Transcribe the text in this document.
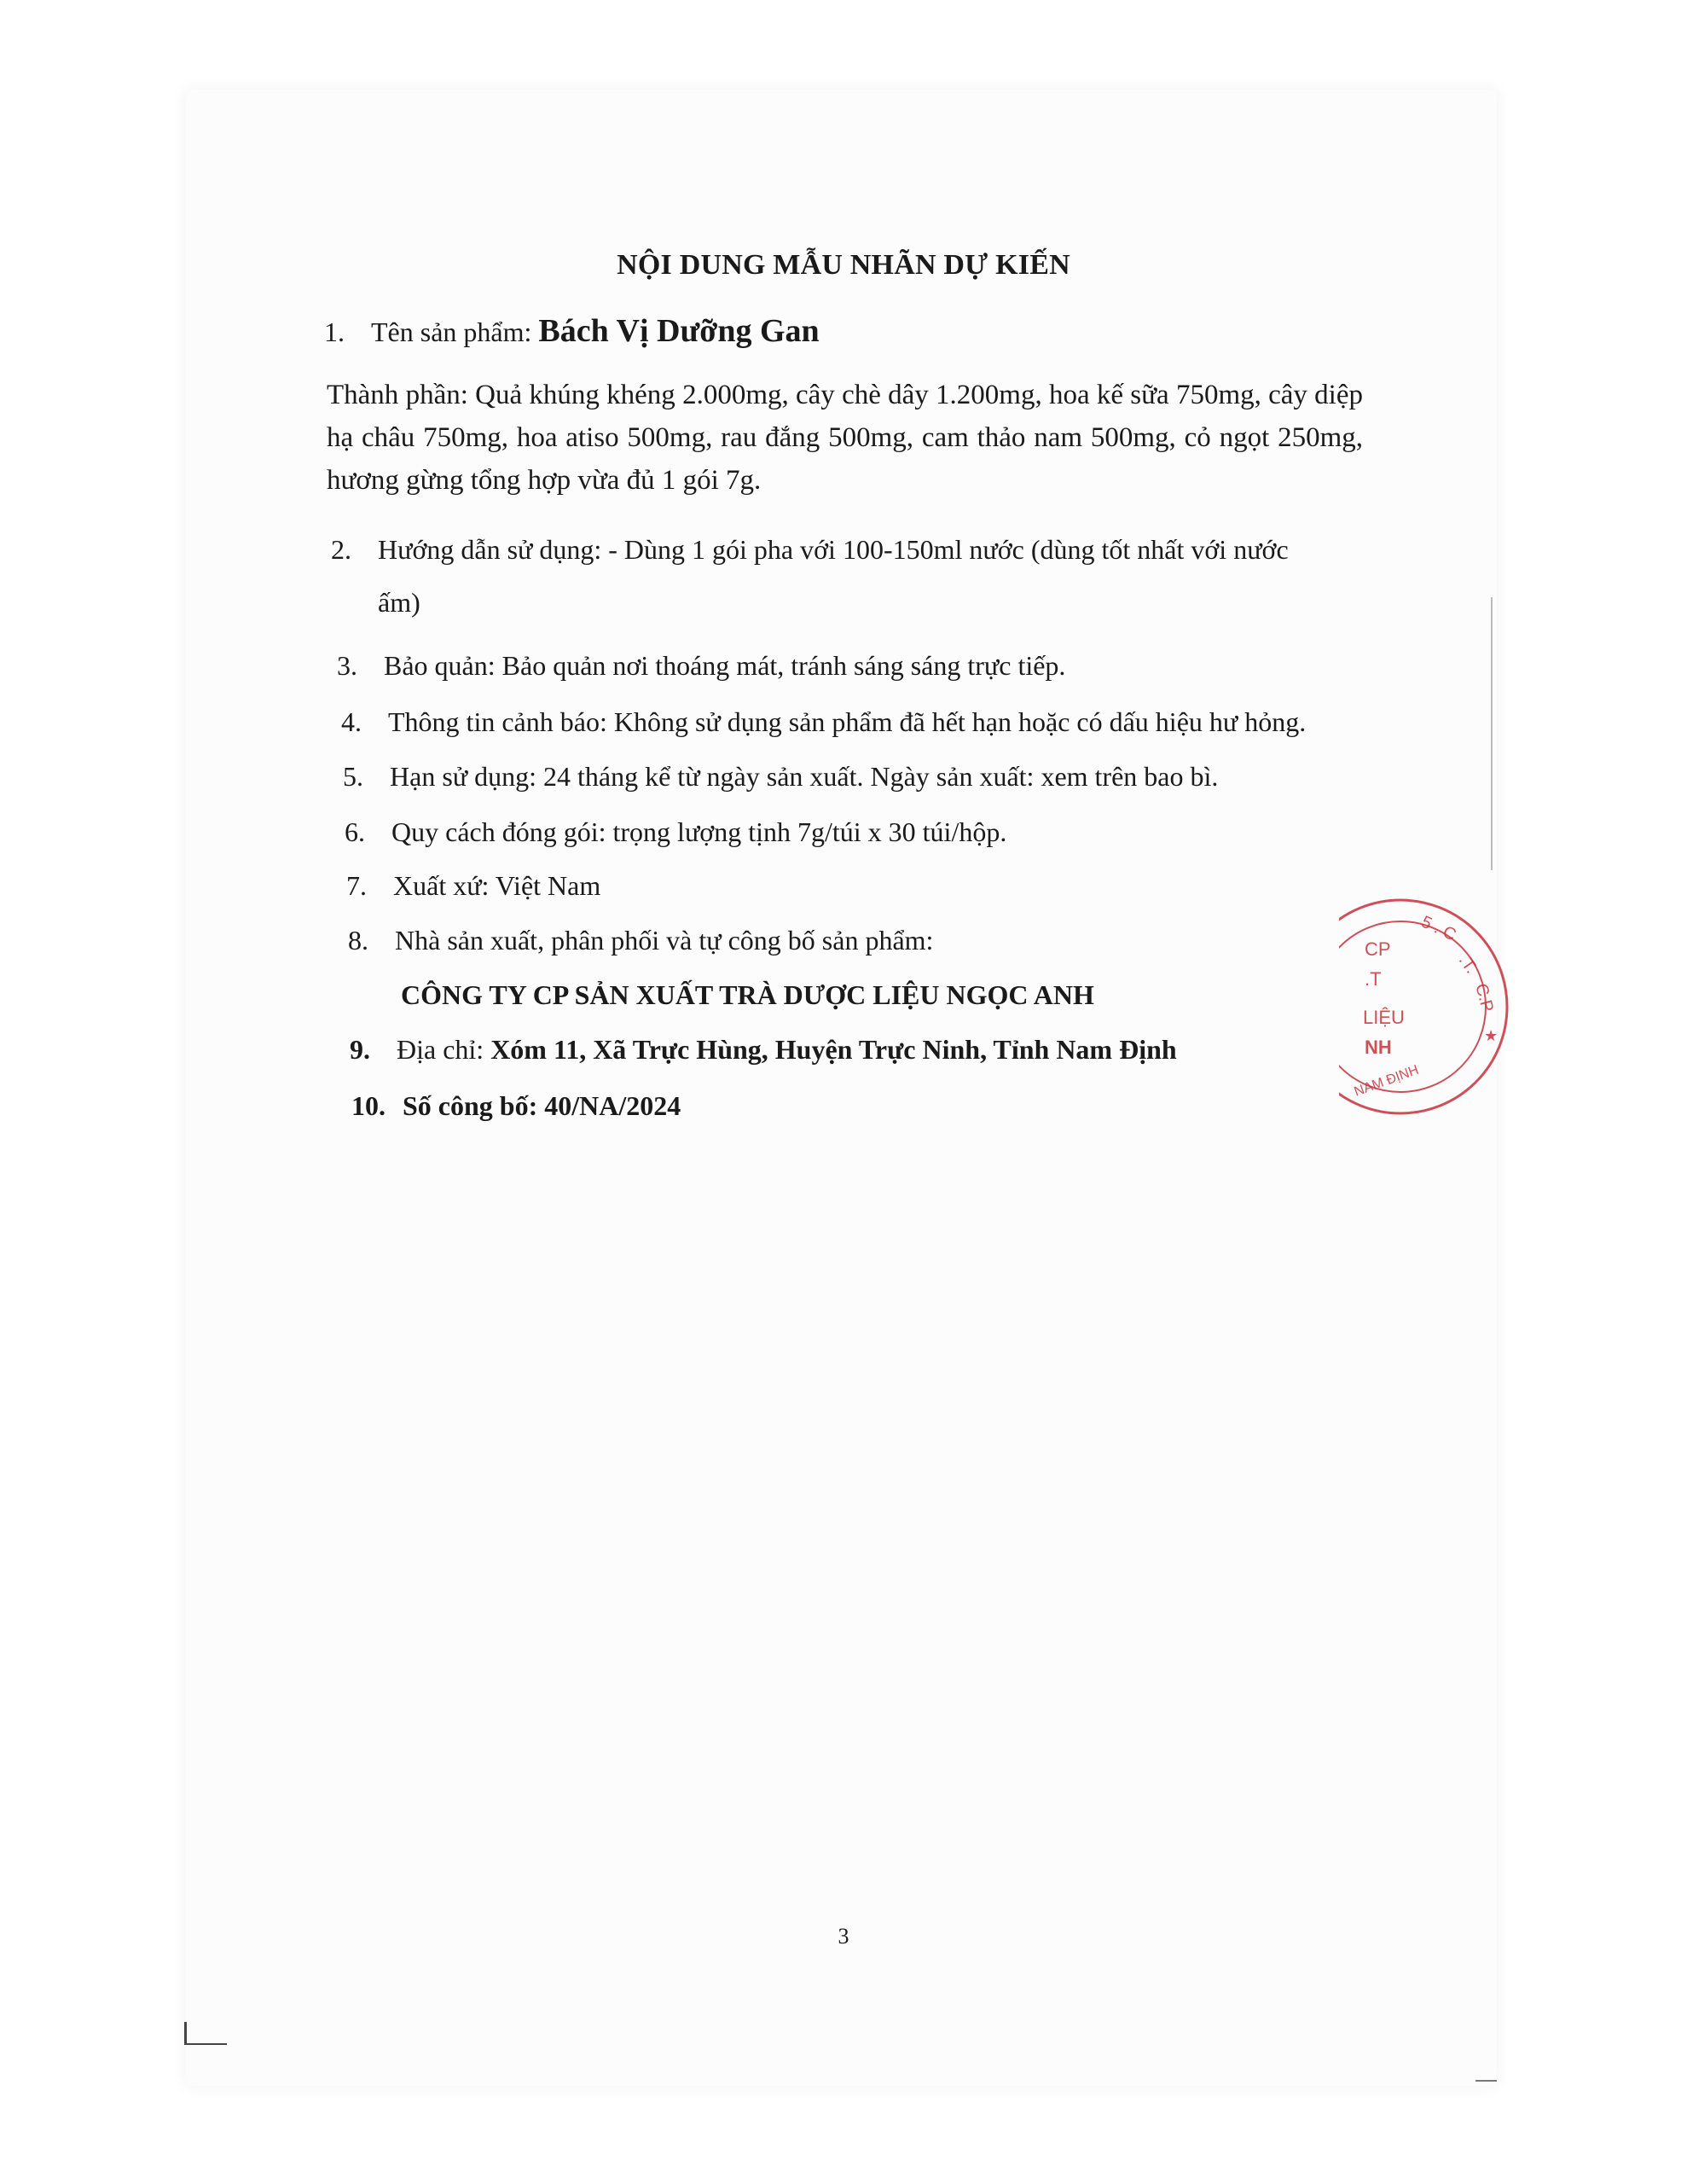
NỘI DUNG MẪU NHÃN DỰ KIẾN
1. Tên sản phẩm: Bách Vị Dưỡng Gan
Thành phần: Quả khúng khéng 2.000mg, cây chè dây 1.200mg, hoa kế sữa 750mg, cây diệp hạ châu 750mg, hoa atiso 500mg, rau đắng 500mg, cam thảo nam 500mg, cỏ ngọt 250mg, hương gừng tổng hợp vừa đủ 1 gói 7g.
2. Hướng dẫn sử dụng: - Dùng 1 gói pha với 100-150ml nước (dùng tốt nhất với nước
ấm)
3. Bảo quản: Bảo quản nơi thoáng mát, tránh sáng sáng trực tiếp.
4. Thông tin cảnh báo: Không sử dụng sản phẩm đã hết hạn hoặc có dấu hiệu hư hỏng.
5. Hạn sử dụng: 24 tháng kể từ ngày sản xuất. Ngày sản xuất: xem trên bao bì.
6. Quy cách đóng gói: trọng lượng tịnh 7g/túi x 30 túi/hộp.
7. Xuất xứ: Việt Nam
8. Nhà sản xuất, phân phối và tự công bố sản phẩm:
CÔNG TY CP SẢN XUẤT TRÀ DƯỢC LIỆU NGỌC ANH
9. Địa chỉ: Xóm 11, Xã Trực Hùng, Huyện Trực Ninh, Tỉnh Nam Định
10. Số công bố: 40/NA/2024
5 . C
.T.
C.P
★
CP
.T
LIỆU
NH
NAM ĐỊNH
3
